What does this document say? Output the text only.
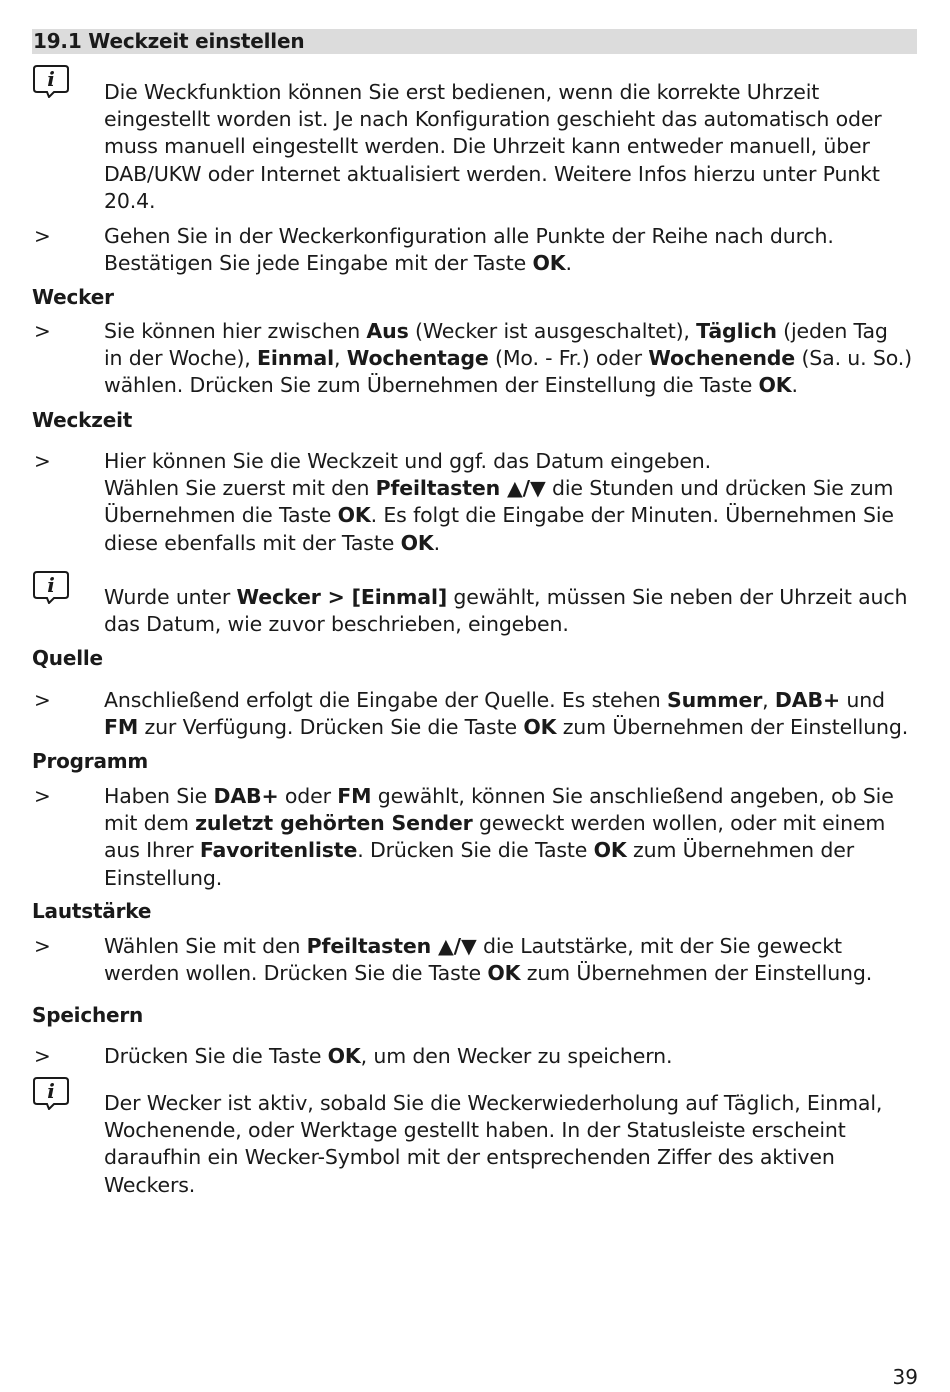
19.1 Weckzeit einstellen
i
Die Weckfunktion können Sie erst bedienen, wenn die korrekte Uhrzeit
eingestellt worden ist. Je nach Konfiguration geschieht das automatisch oder
muss manuell eingestellt werden. Die Uhrzeit kann entweder manuell, über
DAB/UKW oder Internet aktualisiert werden. Weitere Infos hierzu unter Punkt
20.4.
>	Gehen Sie in der Weckerkonfiguration alle Punkte der Reihe nach durch.
Bestätigen Sie jede Eingabe mit der Taste OK.
Wecker
>	Sie können hier zwischen Aus (Wecker ist ausgeschaltet), Täglich (jeden Tag
in der Woche), Einmal, Wochentage (Mo. - Fr.) oder Wochenende (Sa. u. So.)
wählen. Drücken Sie zum Übernehmen der Einstellung die Taste OK.
Weckzeit
>	Hier können Sie die Weckzeit und ggf. das Datum eingeben.
Wählen Sie zuerst mit den Pfeiltasten ▲/▼ die Stunden und drücken Sie zum
Übernehmen die Taste OK. Es folgt die Eingabe der Minuten. Übernehmen Sie
diese ebenfalls mit der Taste OK.
i Wurde unter Wecker > [Einmal] gewählt, müssen Sie neben der Uhrzeit auch
das Datum, wie zuvor beschrieben, eingeben.
Quelle
>	Anschließend erfolgt die Eingabe der Quelle. Es stehen Summer, DAB+ und
FM zur Verfügung. Drücken Sie die Taste OK zum Übernehmen der Einstellung.
Programm
>	Haben Sie DAB+ oder FM gewählt, können Sie anschließend angeben, ob Sie
mit dem zuletzt gehörten Sender geweckt werden wollen, oder mit einem
aus Ihrer Favoritenliste. Drücken Sie die Taste OK zum Übernehmen der
Einstellung.
Lautstärke
>	Wählen Sie mit den Pfeiltasten ▲/▼ die Lautstärke, mit der Sie geweckt
werden wollen. Drücken Sie die Taste OK zum Übernehmen der Einstellung.
Speichern
>	Drücken Sie die Taste OK, um den Wecker zu speichern.
i Der Wecker ist aktiv, sobald Sie die Weckerwiederholung auf Täglich, Einmal,
Wochenende, oder Werktage gestellt haben. In der Statusleiste erscheint
daraufhin ein Wecker-Symbol mit der entsprechenden Ziffer des aktiven
Weckers.
39
